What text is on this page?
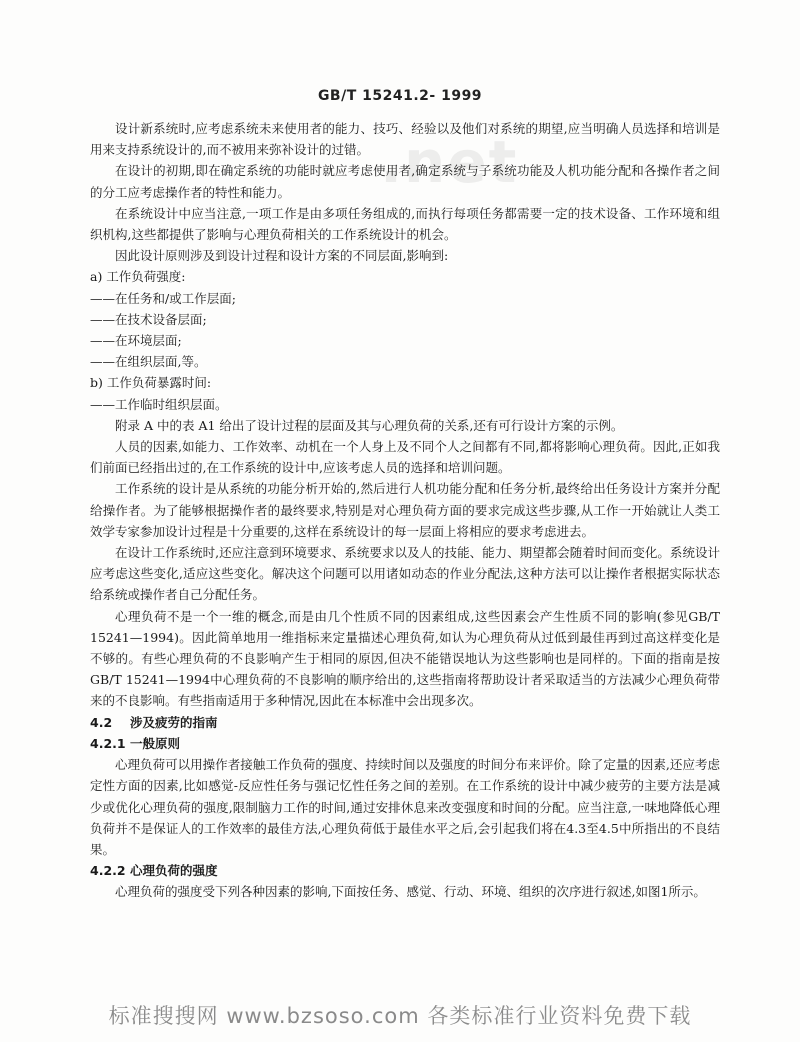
GB/T 15241.2- 1999
.net

设计新系统时,应考虑系统未来使用者的能力、技巧、经验以及他们对系统的期望,应当明确人员选择和培训是用来支持系统设计的,而不被用来弥补设计的过错。

在设计的初期,即在确定系统的功能时就应考虑使用者,确定系统与子系统功能及人机功能分配和各操作者之间的分工应考虑操作者的特性和能力。

在系统设计中应当注意,一项工作是由多项任务组成的,而执行每项任务都需要一定的技术设备、工作环境和组织机构,这些都提供了影响与心理负荷相关的工作系统设计的机会。

因此设计原则涉及到设计过程和设计方案的不同层面,影响到:

a) 工作负荷强度:

——在任务和/或工作层面;

——在技术设备层面;

——在环境层面;

——在组织层面,等。

b) 工作负荷暴露时间:

——工作临时组织层面。

附录 A 中的表 A1 给出了设计过程的层面及其与心理负荷的关系,还有可行设计方案的示例。

人员的因素,如能力、工作效率、动机在一个人身上及不同个人之间都有不同,都将影响心理负荷。因此,正如我们前面已经指出过的,在工作系统的设计中,应该考虑人员的选择和培训问题。

工作系统的设计是从系统的功能分析开始的,然后进行人机功能分配和任务分析,最终给出任务设计方案并分配给操作者。为了能够根据操作者的最终要求,特别是对心理负荷方面的要求完成这些步骤,从工作一开始就让人类工效学专家参加设计过程是十分重要的,这样在系统设计的每一层面上将相应的要求考虑进去。

在设计工作系统时,还应注意到环境要求、系统要求以及人的技能、能力、期望都会随着时间而变化。系统设计应考虑这些变化,适应这些变化。解决这个问题可以用诸如动态的作业分配法,这种方法可以让操作者根据实际状态给系统或操作者自己分配任务。

心理负荷不是一个一维的概念,而是由几个性质不同的因素组成,这些因素会产生性质不同的影响(参见GB/T 15241—1994)。因此简单地用一维指标来定量描述心理负荷,如认为心理负荷从过低到最佳再到过高这样变化是不够的。有些心理负荷的不良影响产生于相同的原因,但决不能错误地认为这些影响也是同样的。下面的指南是按GB/T 15241—1994中心理负荷的不良影响的顺序给出的,这些指南将帮助设计者采取适当的方法减少心理负荷带来的不良影响。有些指南适用于多种情况,因此在本标准中会出现多次。

4.2 涉及疲劳的指南

4.2.1 一般原则

心理负荷可以用操作者接触工作负荷的强度、持续时间以及强度的时间分布来评价。除了定量的因素,还应考虑定性方面的因素,比如感觉-反应性任务与强记忆性任务之间的差别。在工作系统的设计中减少疲劳的主要方法是减少或优化心理负荷的强度,限制脑力工作的时间,通过安排休息来改变强度和时间的分配。应当注意,一味地降低心理负荷并不是保证人的工作效率的最佳方法,心理负荷低于最佳水平之后,会引起我们将在4.3至4.5中所指出的不良结果。

4.2.2 心理负荷的强度

心理负荷的强度受下列各种因素的影响,下面按任务、感觉、行动、环境、组织的次序进行叙述,如图1所示。

标准搜搜网 www.bzsoso.com 各类标准行业资料免费下载
